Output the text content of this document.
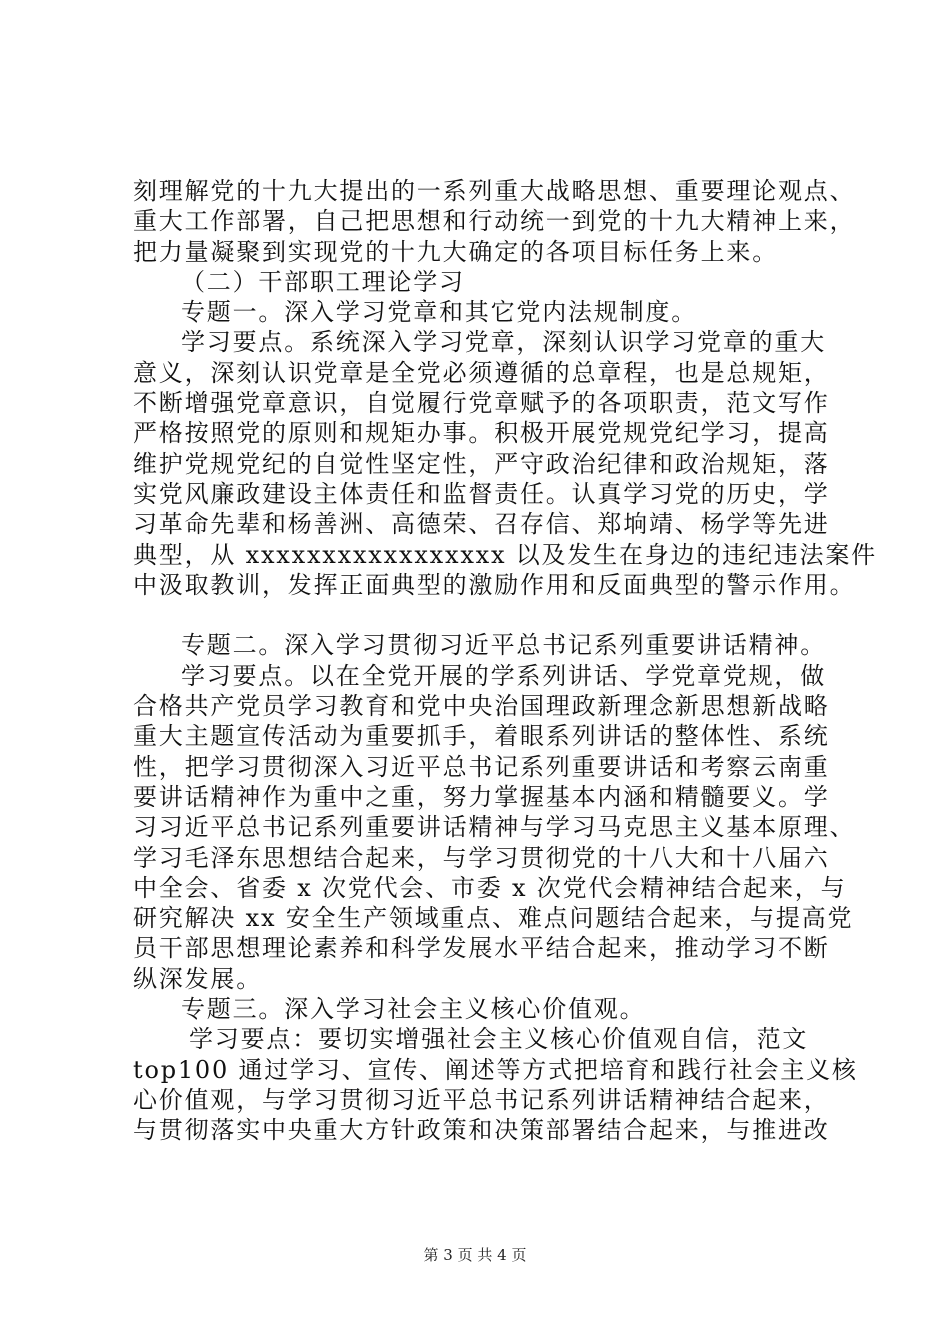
刻理解党的十九大提出的一系列重大战略思想、重要理论观点、
重大工作部署，自己把思想和行动统一到党的十九大精神上来，
把力量凝聚到实现党的十九大确定的各项目标任务上来。
（二）干部职工理论学习
专题一。深入学习党章和其它党内法规制度。
学习要点。系统深入学习党章，深刻认识学习党章的重大
意义，深刻认识党章是全党必须遵循的总章程，也是总规矩，
不断增强党章意识，自觉履行党章赋予的各项职责，范文写作
严格按照党的原则和规矩办事。积极开展党规党纪学习，提高
维护党规党纪的自觉性坚定性，严守政治纪律和政治规矩，落
实党风廉政建设主体责任和监督责任。认真学习党的历史，学
习革命先辈和杨善洲、高德荣、召存信、郑垧靖、杨学等先进
典型，从 xxxxxxxxxxxxxxxxx 以及发生在身边的违纪违法案件
中汲取教训，发挥正面典型的激励作用和反面典型的警示作用。
专题二。深入学习贯彻习近平总书记系列重要讲话精神。
学习要点。以在全党开展的学系列讲话、学党章党规，做
合格共产党员学习教育和党中央治国理政新理念新思想新战略
重大主题宣传活动为重要抓手，着眼系列讲话的整体性、系统
性，把学习贯彻深入习近平总书记系列重要讲话和考察云南重
要讲话精神作为重中之重，努力掌握基本内涵和精髓要义。学
习习近平总书记系列重要讲话精神与学习马克思主义基本原理、
学习毛泽东思想结合起来，与学习贯彻党的十八大和十八届六
中全会、省委 x 次党代会、市委 x 次党代会精神结合起来，与
研究解决 xx 安全生产领域重点、难点问题结合起来，与提高党
员干部思想理论素养和科学发展水平结合起来，推动学习不断
纵深发展。
专题三。深入学习社会主义核心价值观。
学习要点：要切实增强社会主义核心价值观自信，范文
top100 通过学习、宣传、阐述等方式把培育和践行社会主义核
心价值观，与学习贯彻习近平总书记系列讲话精神结合起来，
与贯彻落实中央重大方针政策和决策部署结合起来，与推进改
第 3 页 共 4 页
